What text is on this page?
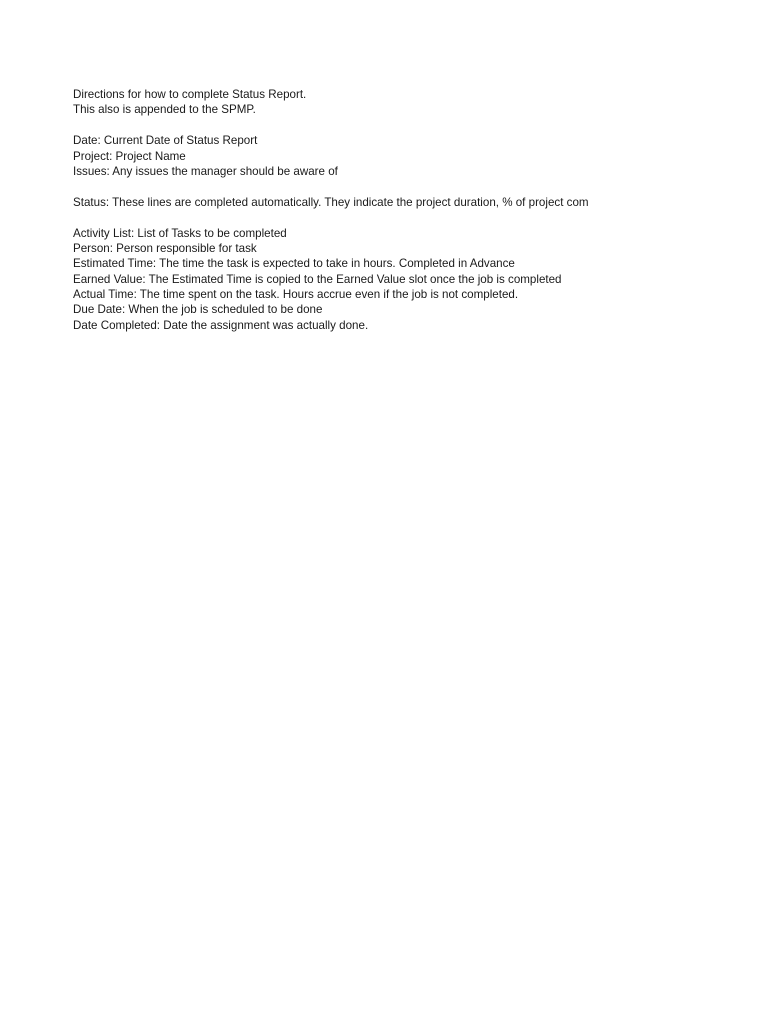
Directions for how to complete Status Report.
This also is appended to the SPMP.
Date: Current Date of Status Report
Project: Project Name
Issues: Any issues the manager should be aware of
Status: These lines are completed automatically. They indicate the project duration, % of project com
Activity List: List of Tasks to be completed
Person: Person responsible for task
Estimated Time: The time the task is expected to take in hours. Completed in Advance
Earned Value: The Estimated Time is copied to the Earned Value slot once the job is completed
Actual Time: The time spent on the task. Hours accrue even if the job is not completed.
Due Date: When the job is scheduled to be done
Date Completed: Date the assignment was actually done.
